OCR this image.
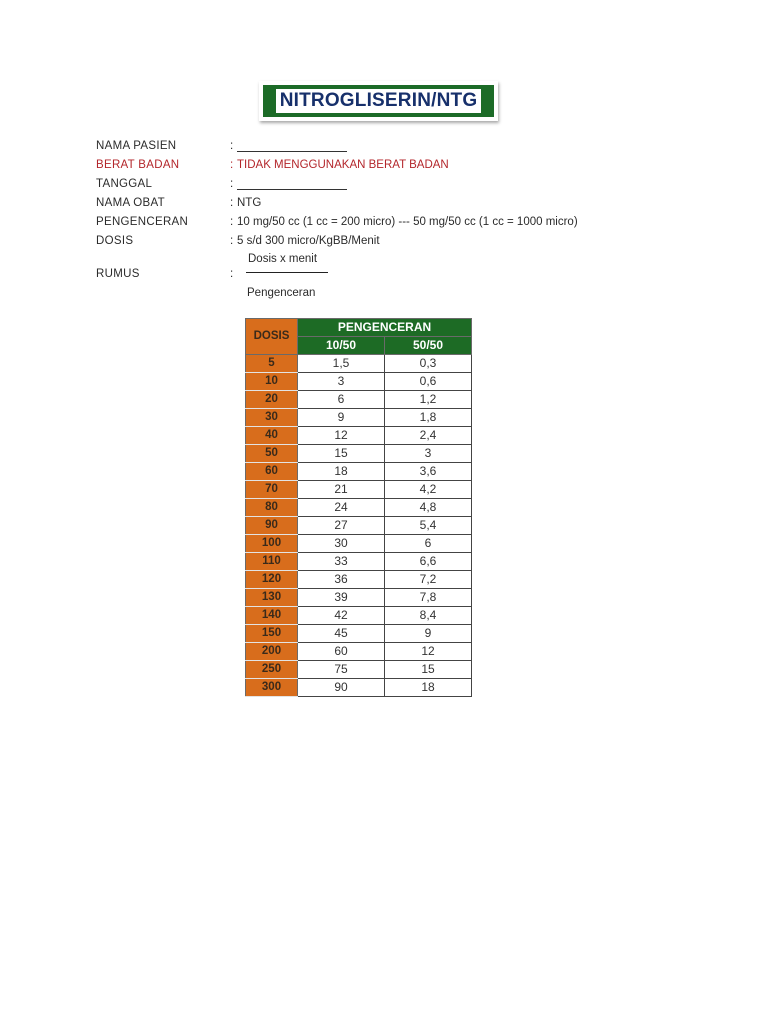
NITROGLISERIN/NTG
NAMA PASIEN	:
BERAT BADAN	: TIDAK MENGGUNAKAN BERAT BADAN
TANGGAL	:
NAMA OBAT	: NTG
PENGENCERAN	: 10 mg/50 cc (1 cc = 200 micro) --- 50 mg/50 cc (1 cc = 1000 micro)
DOSIS	: 5 s/d 300 micro/KgBB/Menit
RUMUS	:
Dosis x menit
Pengenceran
DOSIS	PENGENCERAN	
	10/50	50/50
5	1,5	0,3
10	3	0,6
20	6	1,2
30	9	1,8
40	12	2,4
50	15	3
60	18	3,6
70	21	4,2
80	24	4,8
90	27	5,4
100	30	6
110	33	6,6
120	36	7,2
130	39	7,8
140	42	8,4
150	45	9
200	60	12
250	75	15
300	90	18
